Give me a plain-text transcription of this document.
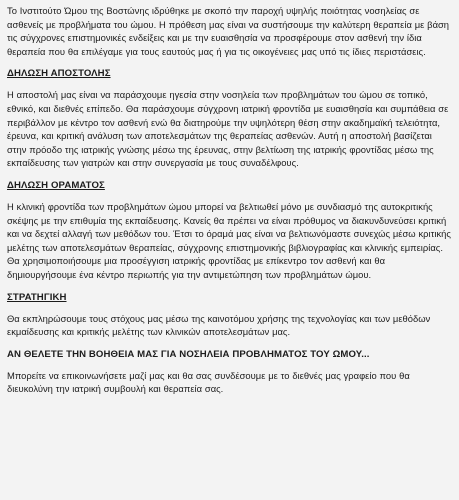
Το Ινστιτούτο Ώμου της Βοστώνης ιδρύθηκε με σκοπό την παροχή υψηλής ποιότητας νοσηλείας σε ασθενείς με προβλήματα του ώμου. Η πρόθεση μας είναι να συστήσουμε την καλύτερη θεραπεία με βάση τις σύγχρονες επιστημονικές ενδείξεις και με την ευαισθησία να προσφέρουμε στον ασθενή την ίδια θεραπεία που θα επιλέγαμε για τους εαυτούς μας ή για τις οικογένειες μας υπό τις ίδιες περιστάσεις.

ΔΗΛΩΣΗ ΑΠΟΣΤΟΛΗΣ

Η αποστολή μας είναι να παράσχουμε ηγεσία στην νοσηλεία των προβλημάτων του ώμου σε τοπικό, εθνικό, και διεθνές επίπεδο. Θα παράσχουμε σύγχρονη ιατρική φροντίδα με ευαισθησία και συμπάθεια σε περιβάλλον με κέντρο τον ασθενή ενώ θα διατηρούμε την υψηλότερη θέση στην ακαδημαϊκή τελειότητα, έρευνα, και κριτική ανάλυση των αποτελεσμάτων της θεραπείας ασθενών. Αυτή η αποστολή βασίζεται στην πρόοδο της ιατρικής γνώσης μέσω της έρευνας, στην βελτίωση της ιατρικής φροντίδας μέσω της εκπαίδευσης των γιατρών και στην συνεργασία με τους συναδέλφους.

ΔΗΛΩΣΗ ΟΡΑΜΑΤΟΣ

Η κλινική φροντίδα των προβλημάτων ώμου μπορεί να βελτιωθεί μόνο με συνδιασμό της αυτοκριτικής σκέψης με την επιθυμία της εκπαίδευσης. Κανείς θα πρέπει να είναι πρόθυμος να διακυνδυνεύσει κριτική και να δεχτεί αλλαγή των μεθόδων του. Έτσι το όραμά μας είναι να βελτιωνόμαστε συνεχώς μέσω κριτικής μελέτης των αποτελεσμάτων θεραπείας, σύγχρονης επιστημονικής βιβλιογραφίας και κλινικής εμπειρίας. Θα χρησιμοποιήσουμε μια προσέγγιση ιατρικής φροντίδας με επίκεντρο τον ασθενή και θα δημιουργήσουμε ένα κέντρο περιωπής για την αντιμετώπηση των προβλημάτων ώμου.

ΣΤΡΑΤΗΓΙΚΗ

Θα εκπληρώσουμε τους στόχους μας μέσω της καινοτόμου χρήσης της τεχνολογίας και των μεθόδων εκμαίδευσης και κριτικής μελέτης των κλινικών αποτελεσμάτων μας.

ΑΝ ΘΕΛΕΤΕ ΤΗΝ ΒΟΗΘΕΙΑ ΜΑΣ ΓΙΑ ΝΟΣΗΛΕΙΑ ΠΡΟΒΛΗΜΑΤΟΣ ΤΟΥ ΩΜΟΥ...

Μπορείτε να επικοινωνήσετε μαζί μας και θα σας συνδέσουμε με το διεθνές μας γραφείο που θα διευκολύνη την ιατρική συμβουλή και θεραπεία σας.
